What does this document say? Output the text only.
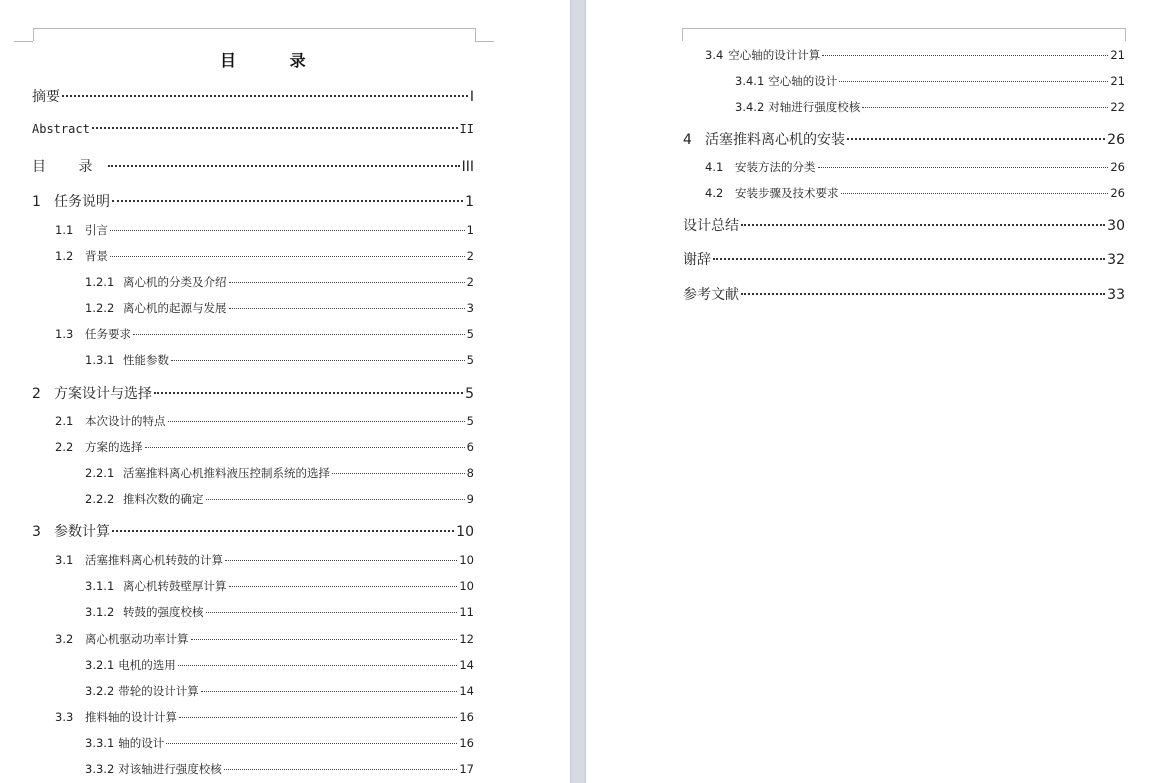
目 录
摘要	I
Abstract	II
目 录	III
1 任务说明	1
1.1	引言	1
1.2	背景	2
1.2.1 离心机的分类及介绍	2
1.2.2 离心机的起源与发展	3
1.3	任务要求	5
1.3.1 性能参数	5
2 方案设计与选择	5
2.1	本次设计的特点	5
2.2	方案的选择	6
2.2.1 活塞推料离心机推料液压控制系统的选择	8
2.2.2 推料次数的确定	9
3 参数计算	10
3.1	活塞推料离心机转鼓的计算	10
3.1.1 离心机转鼓壁厚计算	10
3.1.2 转鼓的强度校核	11
3.2	离心机驱动功率计算	12
3.2.1 电机的选用	14
3.2.2 带轮的设计计算	14
3.3	推料轴的设计计算	16
3.3.1 轴的设计	16
3.3.2 对该轴进行强度校核	17
3.4 空心轴的设计计算	21
3.4.1 空心轴的设计	21
3.4.2 对轴进行强度校核	22
4 活塞推料离心机的安装	26
4.1	安装方法的分类	26
4.2	安装步骤及技术要求	26
设计总结	30
谢辞	32
参考文献	33
